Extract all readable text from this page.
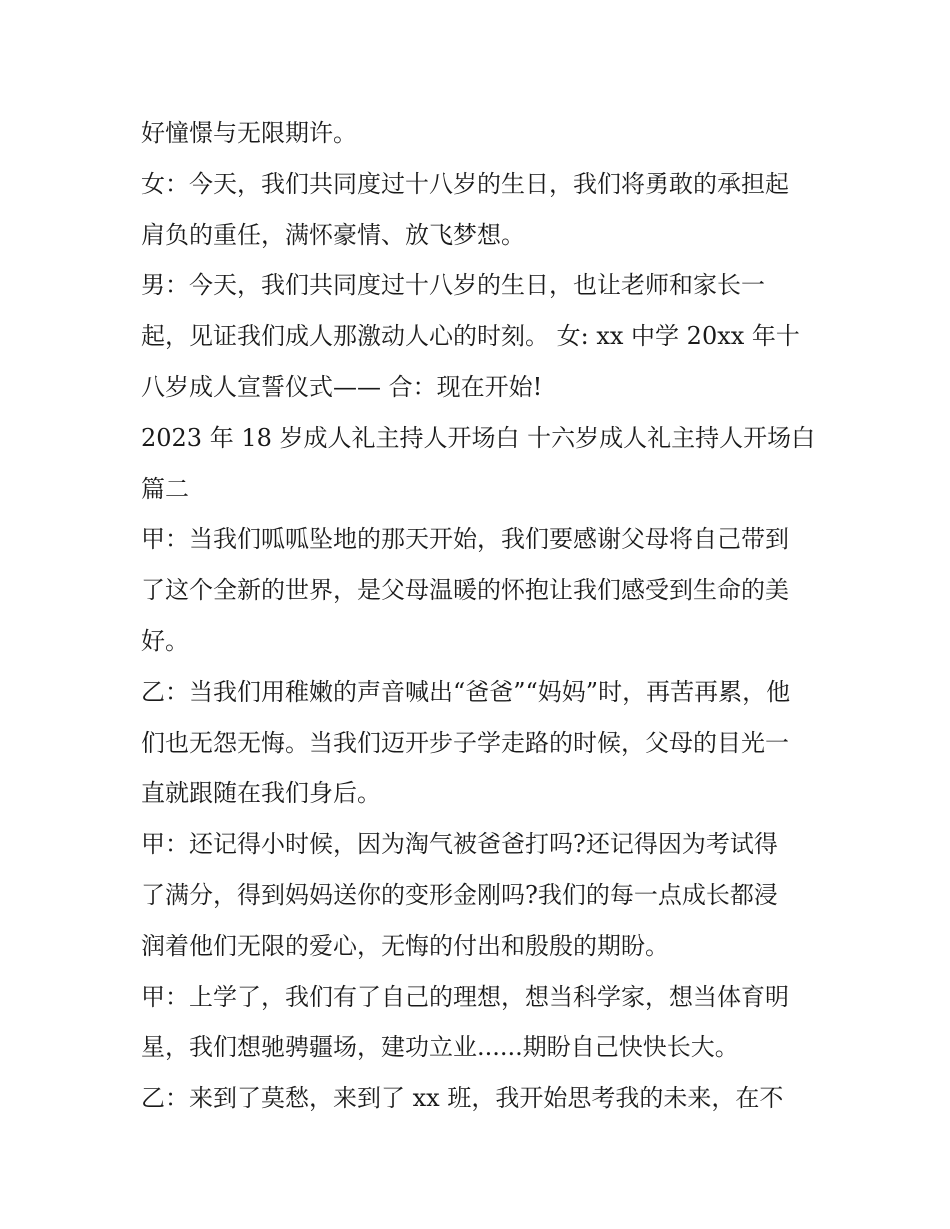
好憧憬与无限期许。
女：今天，我们共同度过十八岁的生日，我们将勇敢的承担起
肩负的重任，满怀豪情、放飞梦想。
男：今天，我们共同度过十八岁的生日，也让老师和家长一
起，见证我们成人那激动人心的时刻。 女: xx 中学 20xx 年十
八岁成人宣誓仪式—— 合：现在开始!
2023 年 18 岁成人礼主持人开场白 十六岁成人礼主持人开场白
篇二
甲：当我们呱呱坠地的那天开始，我们要感谢父母将自己带到
了这个全新的世界，是父母温暖的怀抱让我们感受到生命的美
好。
乙：当我们用稚嫩的声音喊出“爸爸”“妈妈”时，再苦再累，他
们也无怨无悔。当我们迈开步子学走路的时候，父母的目光一
直就跟随在我们身后。
甲：还记得小时候，因为淘气被爸爸打吗?还记得因为考试得
了满分，得到妈妈送你的变形金刚吗?我们的每一点成长都浸
润着他们无限的爱心，无悔的付出和殷殷的期盼。
甲：上学了，我们有了自己的理想，想当科学家，想当体育明
星，我们想驰骋疆场，建功立业......期盼自己快快长大。
乙：来到了莫愁，来到了 xx 班，我开始思考我的未来，在不
